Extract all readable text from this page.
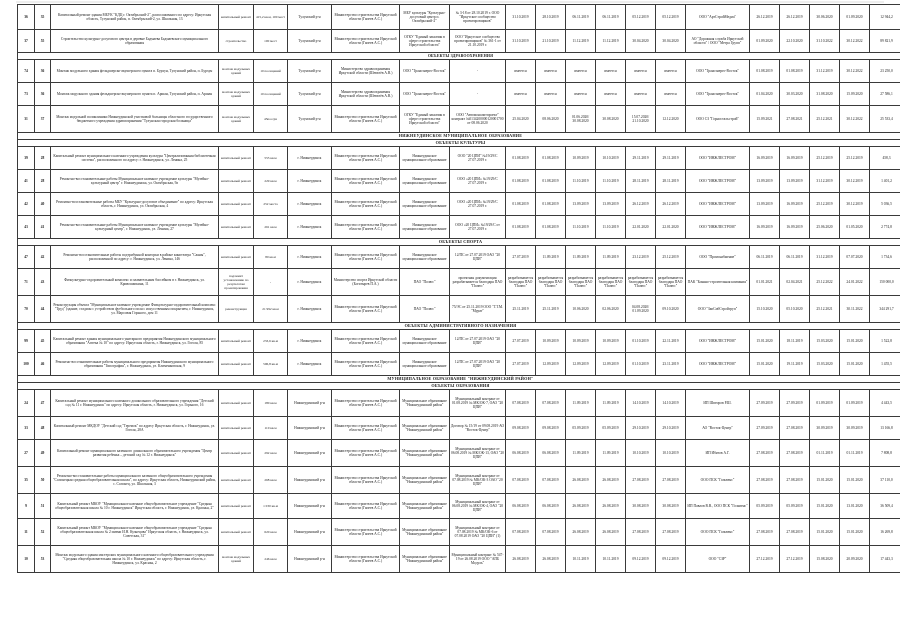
36	35	Капитальный ремонт здания МБУК "КДЦ г. Октябрьский-2", расположенного по адресу: Иркутская область, Тулунский район, п. Октябрьский-2, ул. Школьная, 13	капитальный ремонт	415,2 кв.м, 100 мест	Тулунский р-н	Министерство строительства Иркутской области (Гапеев А.С.)	МБУ культуры "Культурно-досуговый центр п. Октябрьский-2"	№ 3-18 от 28.10.2019 г. ООО "Иркутское сообщество проектировщиков"	31.10.2019	28.10.2019	06.11.2019	06.11.2019	05.12.2019	05.12.2019	ООО "АртСтройМедиа"	26.12.2019	26.12.2019	30.06.2020	01.09.2020	12 944,2
37	55	Строительство культурно-досугового центра в деревне Бадмаева Бадмаевского муниципального образования	строительство	100 мест	Тулунский р-н	Министерство строительства Иркутской области (Гапеев А.С.)	ОГКУ "Единый заказчик в сфере строительства Иркутской области"	ООО "Иркутское сообщество проектировщиков" № 361-1 от 21.10.2019 г.	31.10.2019	21.10.2019	11.12.2019	11.12.2019	30.04.2020	30.04.2020	АО "Дорожная служба Иркутской области" / ООО "Метра Групп"	01.09.2020	22.10.2020	31.10.2022	30.12.2022	89 821,9
ОБЪЕКТЫ ЗДРАВООХРАНЕНИЯ																				
74	36	Монтаж модульного здания фельдшерско-акушерского пункта п. Бурхун, Тулунский район, п. Бурхун	монтаж модульных зданий	10 посещений	Тулунский р-н	Министерство здравоохранения Иркутской области (Шевелёв А.В.)	ООО "Трансэнерго-Восток"	-	имеется	имеется	имеется	имеется	имеется	имеется	ООО "Трансэнерго-Восток"	01.08.2019	01.08.2019	31.12.2019	30.12.2022	23 250,0
73	36	Монтаж модульного здания фельдшерско-акушерского пункта п. Аршан, Тулунский район, п. Аршан	монтаж модульных зданий	10 посещений	Тулунский р-н	Министерство здравоохранения Иркутской области (Шевелёв А.В.)	ООО "Трансэнерго-Восток"	-	имеется	имеется	имеется	имеется	имеется	имеется	ООО "Трансэнерго-Восток"	01.04.2020	30.03.2020	31.08.2020	15.09.2020	27 586,1
31	37	Монтаж модульной поликлиники Нижнеудинской участковой больницы областного государственного бюджетного учреждения здравоохранения "Тулунская городская больница"	монтаж модульных зданий	45пос/дн	Тулунский р-н	Министерство строительства Иркутской области (Гапеев А.С.)	ОГКУ "Единый заказчик в сфере строительства Иркутской области"	ООО "Автомонолитпроект" контракт №0134200000120001700 от 08.06.2020	25.04.2020	08.06.2020	01.06.2020/ 30.08.2020	30.08.2020	15.07.2020/ 21.10.2020	12.12.2020	ООО СЗ "Горностальстрой"	15.09.2021	27.08.2021	25.12.2021	30.12.2022	25 533,4
НИЖНЕУДИНСКОЕ МУНИЦИПАЛЬНОЕ ОБРАЗОВАНИЕ																				
ОБЪЕКТЫ КУЛЬТУРЫ																				
39	28	Капитальный ремонт муниципального казенного учреждения культуры "Централизованная библиотечная система", расположенного по адресу: г. Нижнеудинск, ул. Ленина, 25	капитальный ремонт	553 кв.м	г. Нижнеудинск	Министерство строительства Иркутской области (Гапеев А.С.)	Нижнеудинское муниципальное образование	ООО "20 ЦПИ" №19/29/С 27.07.2019 г.	01.08.2019	01.08.2019	10.09.2019	10.10.2019	29.11.2019	29.11.2019	ООО "ИНЖЛЕСТРОМ"	16.09.2019	16.09.2019	25.12.2019	25.12.2019	458,3
41	28	Ремонтно-восстановительные работы Муниципальное казенное учреждение культуры "Музейно-культурный центр" г. Нижнеудинска, ул. Октябрьская, 9а	капитальный ремонт	229 кв.м	г. Нижнеудинск	Министерство строительства Иркутской области (Гапеев А.С.)	Нижнеудинское муниципальное образование	ООО «20 ЦПИ» №19/29/С 27.07.2019 г.	01.08.2019	01.08.2019	11.10.2019	11.10.2019	28.11.2019	28.11.2019	ООО "ИНЖЛЕСТРОМ"	13.09.2019	13.09.2019	31.12.2019	30.12.2019	1 401,2
42	40	Ремонтно-восстановительные работы МБУ "Культурно-досуговое объединение" по адресу: Иркутская область, г. Нижнеудинск, ул. Октябрьская, 4	капитальный ремонт	252 места	г. Нижнеудинск	Министерство строительства Иркутской области (Гапеев А.С.)	Нижнеудинское муниципальное образование	ООО «20 ЦПИ» №19/29/С 27.07.2019 г.	01.08.2019	01.08.2019	13.09.2019	13.09.2019	26.12.2019	26.12.2019	ООО "ИНЖЛЕСТРОМ"	13.09.2019	16.09.2019	25.12.2019	30.12.2019	5 036,5
43	41	Ремонтно-восстановительные работы Муниципальное казенное учреждение культуры "Музейно-культурный центр", г. Нижнеудинск, ул. Ленина, 27	капитальный ремонт	261 кв.м	г. Нижнеудинск	Министерство строительства Иркутской области (Гапеев А.С.)	Нижнеудинское муниципальное образование	ООО «20 ЦПИ» №19/29/С от 27.07.2019 г.	01.08.2019	01.08.2019	11.10.2019	11.10.2019	22.01.2020	22.01.2020	ООО "ИНЖЛЕСТРОМ"	16.09.2019	16.09.2019	25.06.2020	01.05.2020	2 774,8
ОБЪЕКТЫ СПОРТА																				
47	42	Ремонтно-восстановительные работы подтрибунной конторки в районе кинотеатра "Саяны", расположенной по адресу: г. Нижнеудинск, ул. Ленина, 146	капитальный ремонт	80 кв.м	г. Нижнеудинск	Министерство строительства Иркутской области (Гапеев А.С.)	Нижнеудинское муниципальное образование	12/ПС от 27.07.2019 ОАО "20 ЦПИ"	27.07.2019	11.09.2019	11.09.2019	11.09.2019	23.12.2019	25.12.2019	ООО "Промснабжение"	06.11.2019	06.11.2019	31.12.2019	07.07.2020	1 734,6
71	43	Физкультурно-оздоровительный комплекс и плавательным бассейном в г. Нижнеудинск, ул. Кривошапкина, 11	подлежит установлению по результатам проектирования	-	г. Нижнеудинск	Министерство спорта Иркутской области (Богатырев П.А.)	ПАО "Полюс"	проектная документация разрабатывается благодаря ПАО "Полюс"	разрабатывается благодаря ПАО "Полюс"	разрабатывается благодаря ПАО "Полюс"	разрабатывается благодаря ПАО "Полюс"	разрабатывается благодаря ПАО "Полюс"	разрабатывается благодаря ПАО "Полюс"	разрабатывается благодаря ПАО "Полюс"	ПАК "Боянно-строительная компания"	01.01.2021	02.04.2021	25.12.2022	24.01.2022	150 000,0
70	44	Реконструкция объекта "Муниципальное казенное учреждение Физкультурно-оздоровительный комплекс "Труд" (здание, стадион с устройством футбольного поля с искусственным покрытием, г. Нижнеудинск, ул. Марсовая Горького, дом 11	реконструкция	21 992 кв.м	г. Нижнеудинск	Министерство строительства Иркутской области (Гапеев А.С.)	ПАО "Полюс"	75/ЭС от 25.11.2019 ООО "Г.Т.М. "Мурат"	25.11.2019	25.11.2019	10.06.2020	02.06.2020	04.08.2020/ 01.09.2020	09.10.2020	ООО "ЗапСибСтройгруп"	15.10.2020	05.10.2020	25.12.2021	30.11.2022	344 291,7
ОБЪЕКТЫ АДМИНИСТРАТИВНОГО НАЗНАЧЕНИЯ																				
99	45	Капитальный ремонт здания муниципального унитарного предприятия Нижнеудинского муниципального образования "Аптека № 10" по адресу: Иркутская область, г. Нижнеудинск, ул. Гоголя, 85	капитальный ремонт	233,6 кв.м	г. Нижнеудинск	Министерство строительства Иркутской области (Гапеев А.С.)	Нижнеудинское муниципальное образование	12/ПС от 27.07.2019 ОАО "20 ЦПИ"	27.07.2019	10.09.2019	10.09.2019	10.09.2019	01.10.2019	22.11.2019	ООО "ИНЖЛЕСТРОМ"	15.01.2020	18.11.2019	15.03.2020	15.01.2020	1 522,8
100	46	Ремонтно-восстановительные работы муниципального предприятия Нижнеудинского муниципального образования "Типография", г. Нижнеудинск, ул. Клименковская, 9	капитальный ремонт	506,8 кв.м	г. Нижнеудинск	Министерство строительства Иркутской области (Гапеев А.С.)	Нижнеудинское муниципальное образование	12/ПС от 27.07.2019 ОАО "20 ЦПИ"	27.07.2019	12.09.2019	12.09.2019	12.09.2019	01.10.2019	23.11.2019	ООО "ИНЖЛЕСТРОМ"	15.01.2020	19.11.2019	15.03.2020	15.01.2020	1 455,5
МУНИЦИПАЛЬНОЕ ОБРАЗОВАНИЕ "НИЖНЕУДИНСКИЙ РАЙОН"																				
ОБЪЕКТЫ ОБРАЗОВАНИЯ																				
24	47	Капитальный ремонт муниципального казенного дошкольного образовательного учреждения "Детский сад № 11 г. Нижнеудинск" по адресу: Иркутская область, г. Нижнеудинск, ул. Горького, 16	капитальный ремонт	180 кв.м	Нижнеудинский р-н	Министерство строительства Иркутской области (Гапеев А.С.)	Муниципальное образование "Нижнеудинский район"	Муниципальный контракт от 01.08.2019 № МК/ОК-7, ОАО "20 ЦПИ"	07.08.2019	07.08.2019	11.09.2019	11.09.2019	14.10.2019	14.10.2019	ИП Шпеоров Р.Ш.	27.09.2019	27.09.2019	01.09.2019	01.09.2019	4 443,5
33	48	Капитальный ремонт МКДОУ "Детский сад "Теремок" по адресу Иркутская область, г. Нижнеудинск, ул. Гоголя, 28А	капитальный ремонт	110 кв.м	Нижнеудинский р-н	Министерство строительства Иркутской области (Гапеев А.С.)	Муниципальное образование "Нижнеудинский район"	Договор № 15/19 от 09.08.2019 АО "Восток-Центр"	09.08.2019	09.08.2019	05.09.2019	05.09.2019	29.10.2019	29.10.2019	АО "Восток-Центр"	27.09.2019	27.08.2019	30.09.2019	30.09.2019	13 166,8
27	49	Капитальный ремонт муниципального казенного дошкольного образовательного учреждения "Центр развития ребенка – детский сад № 12 г. Нижнеудинск"	капитальный ремонт	292 кв.м	Нижнеудинский р-н	Министерство строительства Иркутской области (Гапеев А.С.)	Муниципальное образование "Нижнеудинский район"	Муниципальный контракт от 06.08.2019 № МК/ОК-13, ОАО "20 ЦПИ"	06.08.2019	06.08.2019	11.09.2019	11.09.2019	10.10.2019	10.10.2019	ИП Ибятов А.Г.	27.08.2019	27.08.2019	01.11.2019	01.11.2019	7 808,8
35	50	Ремонтно-восстановительные работы муниципального казенного общеобразовательного учреждения "Солонецкая средняя общеобразовательная школа", по адресу: Иркутская область, Нижнеудинский район, с. Солонец, ул. Школьная, 3	капитальный ремонт	268 кв.м	Нижнеудинский р-н	Министерство строительства Иркутской области (Гапеев А.С.)	Муниципальное образование "Нижнеудинский район"	Муниципальный контракт от 07.08.2019 № МК/ОК-3 ОАО "20 ЦПИ"	07.08.2019	07.08.2019	26.08.2019	26.08.2019	27.08.2019	27.08.2019	ООО ПСК "Гольвенс"	27.08.2019	27.08.2019	15.01.2020	15.01.2020	37 110,0
9	51	Капитальный ремонт МКОУ "Муниципальное казенное общеобразовательное учреждение "Средняя общеобразовательная школа № 10 г. Нижнеудинск" Иркутская область, г. Нижнеудинск, ул. Краснья, 2"	капитальный ремонт	1 030 кв.м	Нижнеудинский р-н	Министерство строительства Иркутской области (Гапеев А.С.)	Муниципальное образование "Нижнеудинский район"	Муниципальный контракт от 06.08.2019 № МК/ОК-4, ОАО "20 ЦПИ"	06.08.2019	06.08.2019	26.08.2019	26.08.2019	30.08.2019	30.08.2019	ИП Павлов В.В., ООО ПСК "Гольвенс"	05.09.2019	05.09.2019	15.01.2020	13.01.2020	36 509,4
11	52	Капитальный ремонт МКОУ "Муниципальное казенное общеобразовательное учреждение "Средняя общеобразовательная школа № 2 имени И.Н. Кузнецова" Иркутская область, г. Нижнеудинск, ул. Советская, 31"	капитальный ремонт	620 кв.м	Нижнеудинский р-н	Министерство строительства Иркутской области (Гапеев А.С.)	Муниципальное образование "Нижнеудинский район"	Муниципальный контракт от 07.08.2019 № МК/ОК-6 от 07.08.2019 ОАО "20 ЦПИ" (1)	07.08.2019	07.08.2019	26.08.2019	26.08.2019	27.08.2019	27.08.2019	ООО ПСК "Гольвенс"	27.08.2019	27.08.2019	15.01.2020	15.01.2020	16 269,8
10	53	Монтаж модульного здания мастерских муниципального казенного общеобразовательного учреждения "Средняя общеобразовательная школа № 10 г. Нижнеудинск" по адресу: Иркутская область, г. Нижнеудинск, ул. Краснья, 2	монтаж модульных зданий	246 кв.м	Нижнеудинский р-н	Министерство строительства Иркутской области (Гапеев А.С.)	Муниципальное образование "Нижнеудинский район"	Муниципальный контракт № 547-19 от 26.08.2019 ООО "АПБ Модуль"	26.08.2019	26.08.2019	10.11.2019	10.11.2019	09.12.2019	09.12.2019	ООО "СЗР"	27.12.2019	27.12.2019	15.08.2020	20.09.2020	17 443,3
